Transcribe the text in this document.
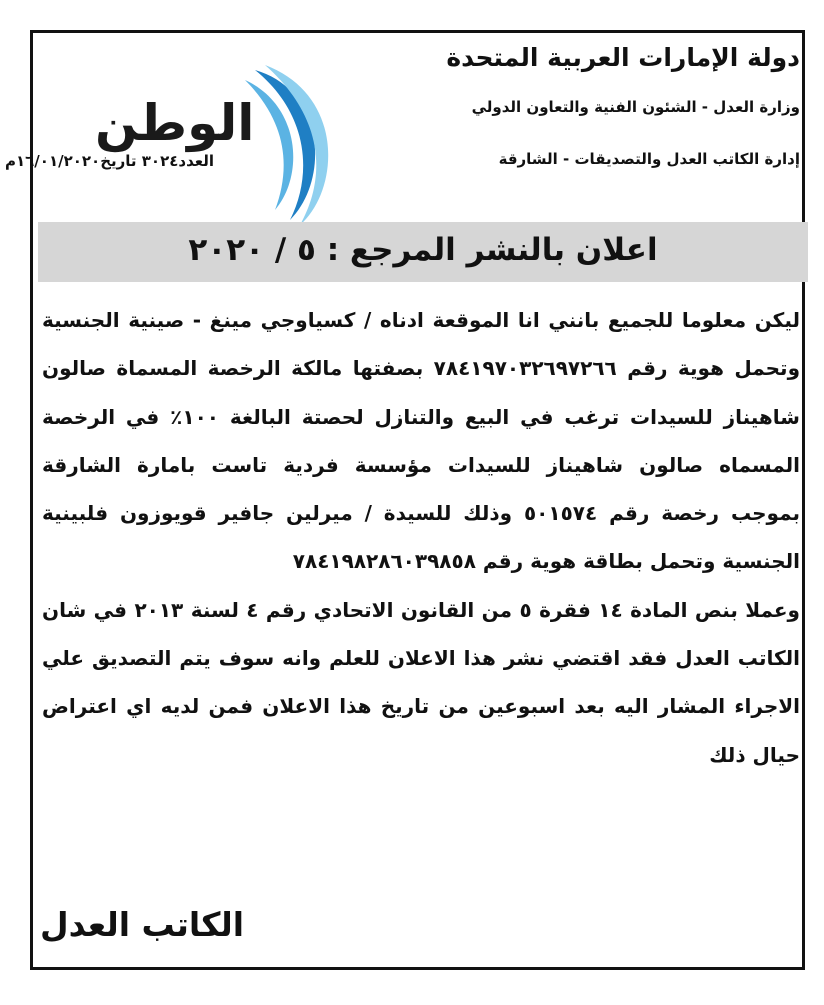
دولة الإمارات العربية المتحدة
وزارة العدل - الشئون الفنية والتعاون الدولي
إدارة الكاتب العدل والتصديقات - الشارقة
الوطن
العدد٣٠٢٤ تاريخ١٦/٠١/٢٠٢٠م
اعلان بالنشر المرجع : ٥ / ٢٠٢٠

ليكن معلوما للجميع بانني انا الموقعة ادناه / كسياوجي مينغ - صينية الجنسية وتحمل هوية رقم ٧٨٤١٩٧٠٣٢٦٩٧٢٦٦ بصفتها مالكة الرخصة المسماة صالون شاهيناز للسيدات ترغب في البيع والتنازل لحصتة البالغة ١٠٠٪ في الرخصة المسماه صالون شاهيناز للسيدات مؤسسة فردية تاست بامارة الشارقة بموجب رخصة رقم ٥٠١٥٧٤ وذلك للسيدة / ميرلين جافير قويوزون فلبينية الجنسية وتحمل بطاقة هوية رقم ٧٨٤١٩٨٢٨٦٠٣٩٨٥٨

وعملا بنص المادة ١٤ فقرة ٥ من القانون الاتحادي رقم ٤ لسنة ٢٠١٣ في شان الكاتب العدل فقد اقتضي نشر هذا الاعلان للعلم وانه سوف يتم التصديق علي الاجراء المشار اليه بعد اسبوعين من تاريخ هذا الاعلان فمن لديه اي اعتراض حيال ذلك

الكاتب العدل
